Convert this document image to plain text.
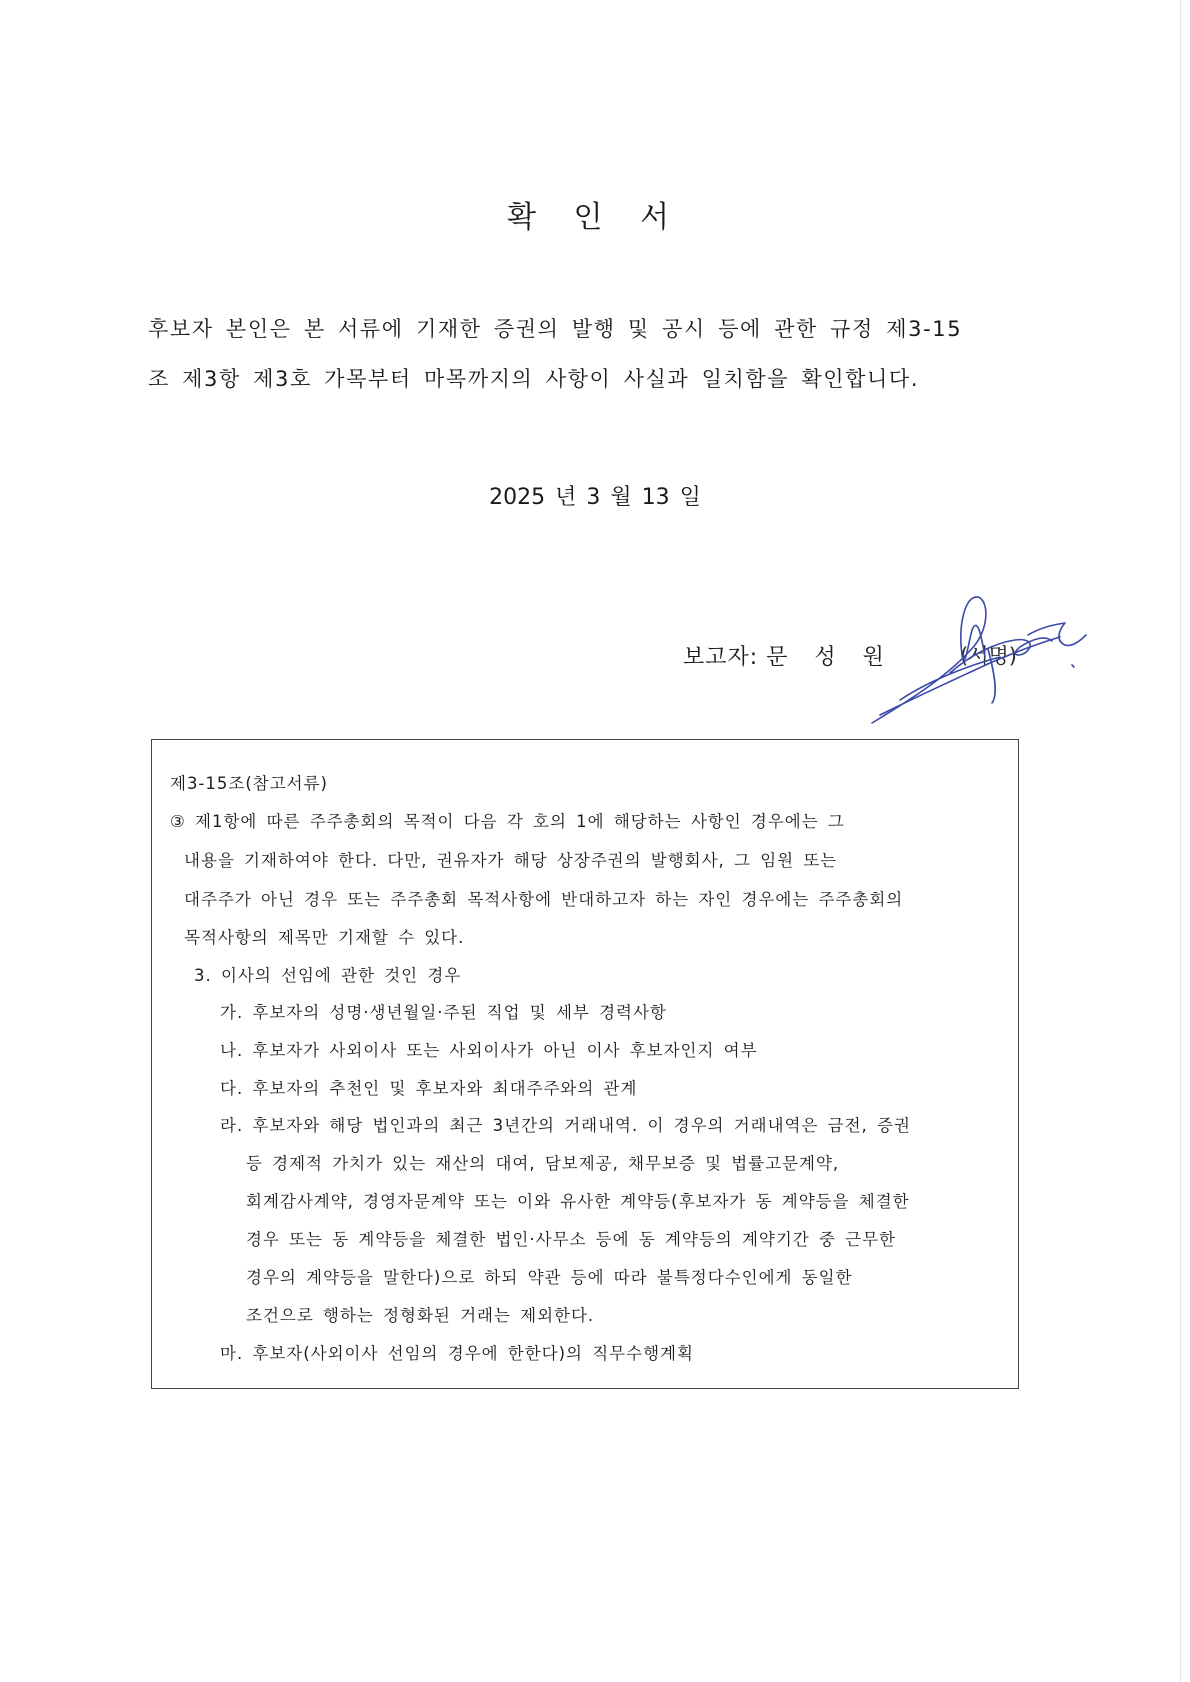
확 인 서
후보자 본인은 본 서류에 기재한 증권의 발행 및 공시 등에 관한 규정 제3-15
조 제3항 제3호 가목부터 마목까지의 사항이 사실과 일치함을 확인합니다.
2025 년 3 월 13 일
보고자: 문 성 원	(서명)
제3-15조(참고서류)
③ 제1항에 따른 주주총회의 목적이 다음 각 호의 1에 해당하는 사항인 경우에는 그
내용을 기재하여야 한다. 다만, 권유자가 해당 상장주권의 발행회사, 그 임원 또는
대주주가 아닌 경우 또는 주주총회 목적사항에 반대하고자 하는 자인 경우에는 주주총회의
목적사항의 제목만 기재할 수 있다.
3. 이사의 선임에 관한 것인 경우
가. 후보자의 성명·생년월일·주된 직업 및 세부 경력사항
나. 후보자가 사외이사 또는 사외이사가 아닌 이사 후보자인지 여부
다. 후보자의 추천인 및 후보자와 최대주주와의 관계
라. 후보자와 해당 법인과의 최근 3년간의 거래내역. 이 경우의 거래내역은 금전, 증권
등 경제적 가치가 있는 재산의 대여, 담보제공, 채무보증 및 법률고문계약,
회계감사계약, 경영자문계약 또는 이와 유사한 계약등(후보자가 동 계약등을 체결한
경우 또는 동 계약등을 체결한 법인·사무소 등에 동 계약등의 계약기간 중 근무한
경우의 계약등을 말한다)으로 하되 약관 등에 따라 불특정다수인에게 동일한
조건으로 행하는 정형화된 거래는 제외한다.
마. 후보자(사외이사 선임의 경우에 한한다)의 직무수행계획
